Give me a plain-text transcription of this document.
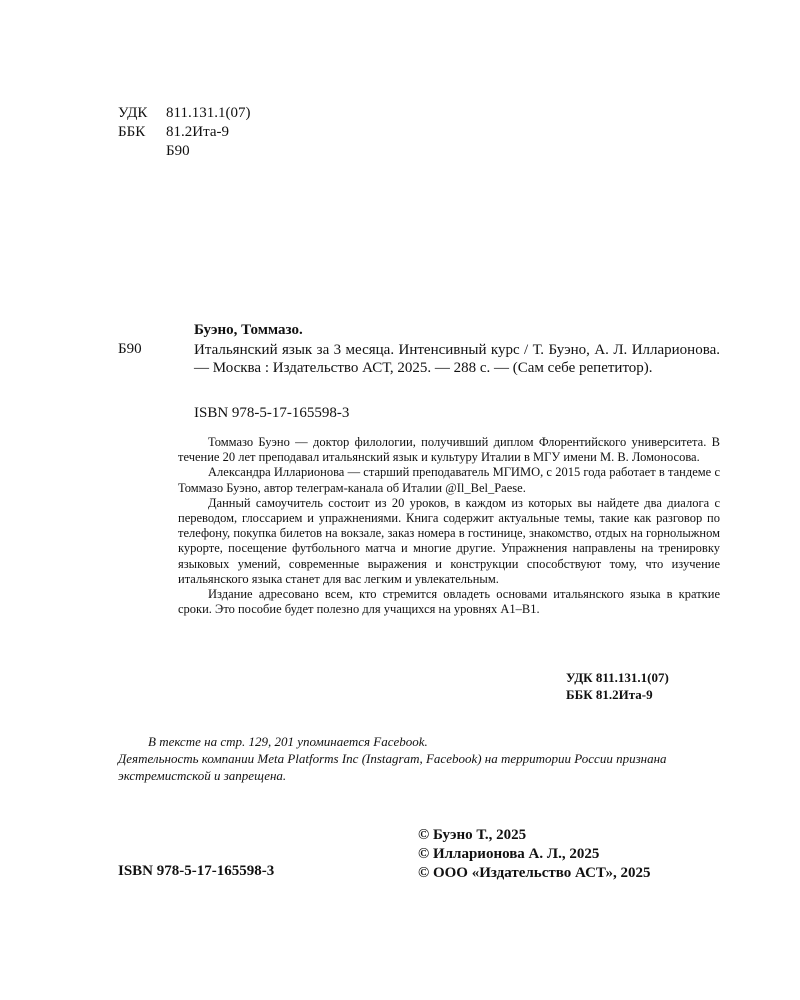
УДК 811.131.1(07)
ББК 81.2Ита-9
Б90
Буэно, Томмазо.
Б90	Итальянский язык за 3 месяца. Интенсивный курс / Т. Буэно, А. Л. Илларионова. — Москва : Издательство АСТ, 2025. — 288 с. — (Сам себе репетитор).
ISBN 978-5-17-165598-3

Томмазо Буэно — доктор филологии, получивший диплом Флорентийского университета. В течение 20 лет преподавал итальянский язык и культуру Италии в МГУ имени М. В. Ломоносова.

Александра Илларионова — старший преподаватель МГИМО, с 2015 года работает в тандеме с Томмазо Буэно, автор телеграм-канала об Италии @Il_Bel_Paese.

Данный самоучитель состоит из 20 уроков, в каждом из которых вы найдете два диалога с переводом, глоссарием и упражнениями. Книга содержит актуальные темы, такие как разговор по телефону, покупка билетов на вокзале, заказ номера в гостинице, знакомство, отдых на горнолыжном курорте, посещение футбольного матча и многие другие. Упражнения направлены на тренировку языковых умений, современные выражения и конструкции способствуют тому, что изучение итальянского языка станет для вас легким и увлекательным.

Издание адресовано всем, кто стремится овладеть основами итальянского языка в краткие сроки. Это пособие будет полезно для учащихся на уровнях A1–B1.

УДК 811.131.1(07)
ББК 81.2Ита-9

В тексте на стр. 129, 201 упоминается Facebook.

Деятельность компании Meta Platforms Inc (Instagram, Facebook) на территории России признана экстремистской и запрещена.
ISBN 978-5-17-165598-3
© Буэно Т., 2025
© Илларионова А. Л., 2025
© ООО «Издательство АСТ», 2025
